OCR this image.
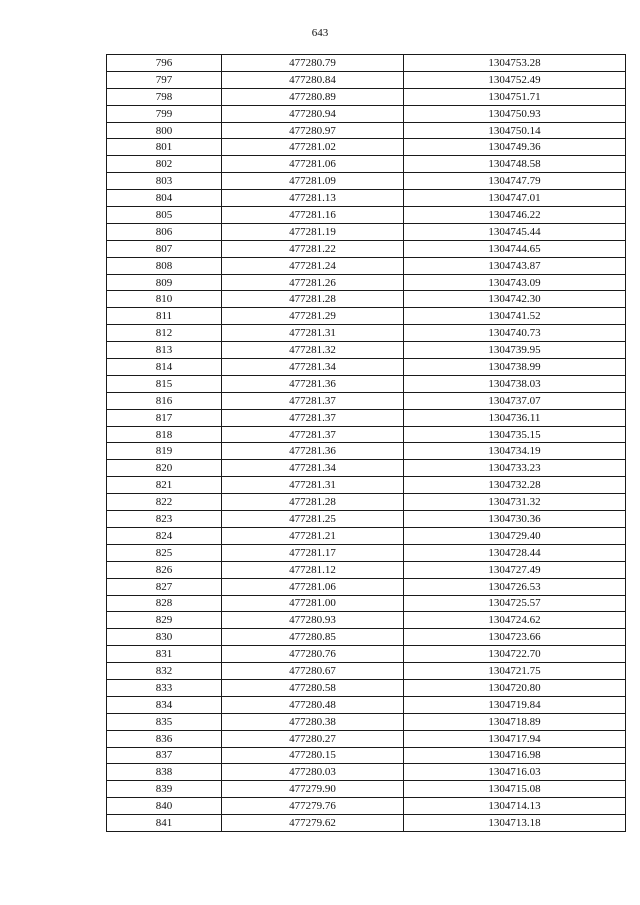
643
796	477280.79	1304753.28
797	477280.84	1304752.49
798	477280.89	1304751.71
799	477280.94	1304750.93
800	477280.97	1304750.14
801	477281.02	1304749.36
802	477281.06	1304748.58
803	477281.09	1304747.79
804	477281.13	1304747.01
805	477281.16	1304746.22
806	477281.19	1304745.44
807	477281.22	1304744.65
808	477281.24	1304743.87
809	477281.26	1304743.09
810	477281.28	1304742.30
811	477281.29	1304741.52
812	477281.31	1304740.73
813	477281.32	1304739.95
814	477281.34	1304738.99
815	477281.36	1304738.03
816	477281.37	1304737.07
817	477281.37	1304736.11
818	477281.37	1304735.15
819	477281.36	1304734.19
820	477281.34	1304733.23
821	477281.31	1304732.28
822	477281.28	1304731.32
823	477281.25	1304730.36
824	477281.21	1304729.40
825	477281.17	1304728.44
826	477281.12	1304727.49
827	477281.06	1304726.53
828	477281.00	1304725.57
829	477280.93	1304724.62
830	477280.85	1304723.66
831	477280.76	1304722.70
832	477280.67	1304721.75
833	477280.58	1304720.80
834	477280.48	1304719.84
835	477280.38	1304718.89
836	477280.27	1304717.94
837	477280.15	1304716.98
838	477280.03	1304716.03
839	477279.90	1304715.08
840	477279.76	1304714.13
841	477279.62	1304713.18
